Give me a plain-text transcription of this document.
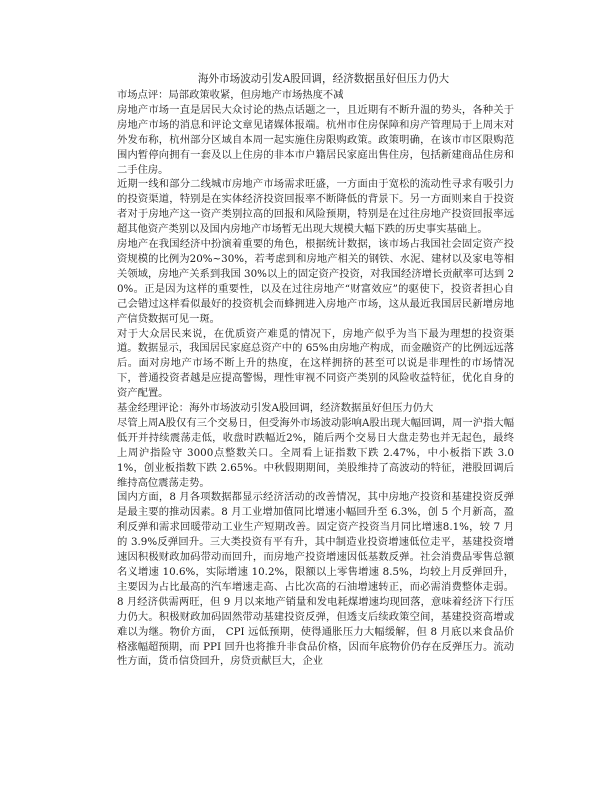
海外市场波动引发A股回调，经济数据虽好但压力仍大
市场点评：局部政策收紧，但房地产市场热度不减

房地产市场一直是居民大众讨论的热点话题之一，且近期有不断升温的势头，各种关于房地产市场的消息和评论文章见诸媒体报端。杭州市住房保障和房产管理局于上周末对外发布称，杭州部分区域自本周一起实施住房限购政策。政策明确，在该市市区限购范围内暂停向拥有一套及以上住房的非本市户籍居民家庭出售住房，包括新建商品住房和二手住房。

近期一线和部分二线城市房地产市场需求旺盛，一方面由于宽松的流动性寻求有吸引力的投资渠道，特别是在实体经济投资回报率不断降低的背景下。另一方面则来自于投资者对于房地产这一资产类别拉高的回报和风险预期，特别是在过往房地产投资回报率远超其他资产类别以及国内房地产市场暂无出现大规模大幅下跌的历史事实基础上。

房地产在我国经济中扮演着重要的角色，根据统计数据，该市场占我国社会固定资产投资规模的比例为20%~30%，若考虑到和房地产相关的钢铁、水泥、建材以及家电等相关领域，房地产关系到我国 30%以上的固定资产投资，对我国经济增长贡献率可达到 20%。正是因为这样的重要性，以及在过往房地产“财富效应”的驱使下，投资者担心自己会错过这样看似最好的投资机会而蜂拥进入房地产市场，这从最近我国居民新增房地产信贷数据可见一斑。

对于大众居民来说，在优质资产难觅的情况下，房地产似乎为当下最为理想的投资渠道。数据显示，我国居民家庭总资产中的 65%由房地产构成，而金融资产的比例远远落后。面对房地产市场不断上升的热度，在这样拥挤的甚至可以说是非理性的市场情况下，普通投资者越是应提高警惕，理性审视不同资产类别的风险收益特征，优化自身的资产配置。

基金经理评论：海外市场波动引发A股回调，经济数据虽好但压力仍大

尽管上周A股仅有三个交易日，但受海外市场波动影响A股出现大幅回调，周一沪指大幅低开并持续震荡走低，收盘时跌幅近2%，随后两个交易日大盘走势也并无起色，最终上周沪指险守 3000点整数关口。全周看上证指数下跌 2.47%，中小板指下跌 3.01%，创业板指数下跌 2.65%。中秋假期期间，美股维持了高波动的特征，港股回调后维持高位震荡走势。

国内方面，8 月各项数据都显示经济活动的改善情况，其中房地产投资和基建投资反弹是最主要的推动因素。8 月工业增加值同比增速小幅回升至 6.3%，创 5 个月新高，盈利反弹和需求回暖带动工业生产短期改善。固定资产投资当月同比增速8.1%，较 7 月的 3.9%反弹回升。三大类投资有平有升，其中制造业投资增速低位走平，基建投资增速因积极财政加码带动而回升，而房地产投资增速因低基数反弹。社会消费品零售总额名义增速 10.6%，实际增速 10.2%，限额以上零售增速 8.5%，均较上月反弹回升，主要因为占比最高的汽车增速走高、占比次高的石油增速转正，而必需消费整体走弱。8 月经济供需两旺，但 9 月以来地产销量和发电耗煤增速均现回落，意味着经济下行压力仍大。积极财政加码固然带动基建投资反弹，但透支后续政策空间，基建投资高增或难以为继。物价方面， CPI 远低预期，使得通胀压力大幅缓解，但 8 月底以来食品价格涨幅超预期，而 PPI 回升也将推升非食品价格，因而年底物价仍存在反弹压力。流动性方面，货币信贷回升，房贷贡献巨大，企业
